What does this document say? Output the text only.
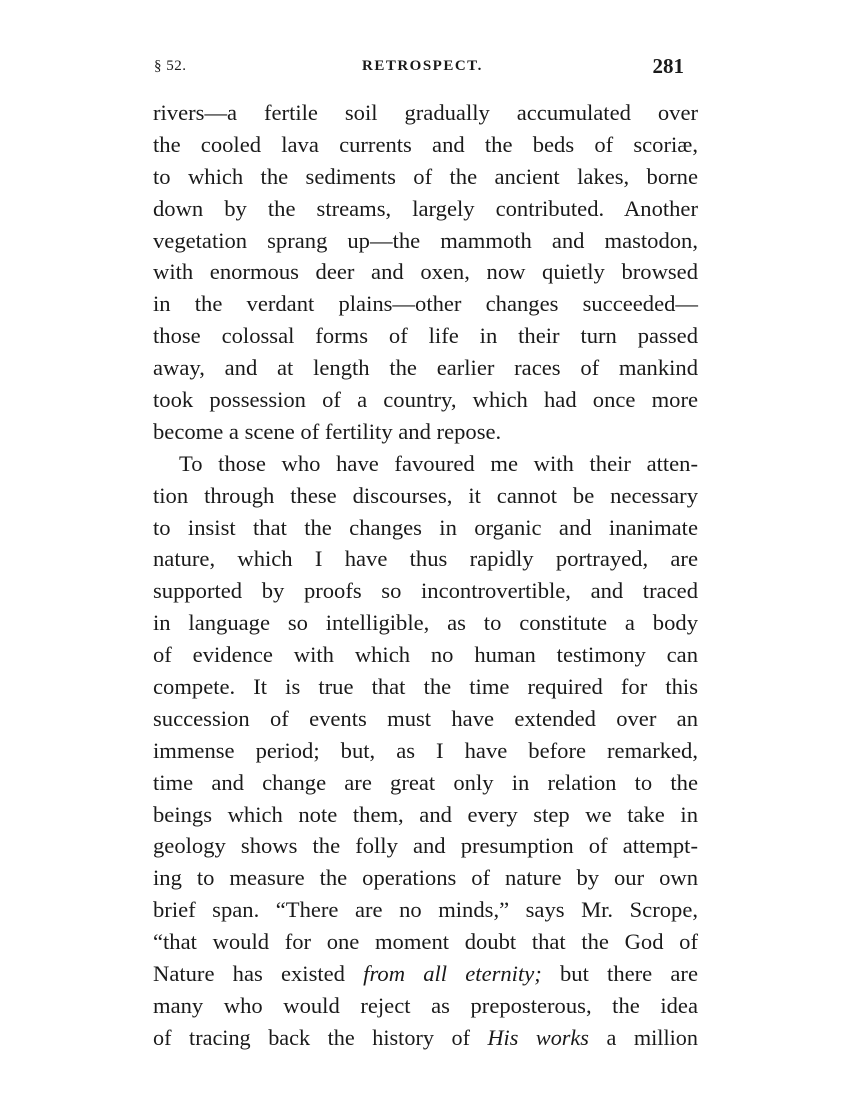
§ 52.	RETROSPECT.	281
rivers—a fertile soil gradually accumulated over
the cooled lava currents and the beds of scoriæ,
to which the sediments of the ancient lakes, borne
down by the streams, largely contributed. Another
vegetation sprang up—the mammoth and mastodon,
with enormous deer and oxen, now quietly browsed
in the verdant plains—other changes succeeded—
those colossal forms of life in their turn passed
away, and at length the earlier races of mankind
took possession of a country, which had once more
become a scene of fertility and repose.
To those who have favoured me with their atten-
tion through these discourses, it cannot be necessary
to insist that the changes in organic and inanimate
nature, which I have thus rapidly portrayed, are
supported by proofs so incontrovertible, and traced
in language so intelligible, as to constitute a body
of evidence with which no human testimony can
compete. It is true that the time required for this
succession of events must have extended over an
immense period; but, as I have before remarked,
time and change are great only in relation to the
beings which note them, and every step we take in
geology shows the folly and presumption of attempt-
ing to measure the operations of nature by our own
brief span. “There are no minds,” says Mr. Scrope,
“that would for one moment doubt that the God of
Nature has existed from all eternity; but there are
many who would reject as preposterous, the idea
of tracing back the history of His works a million
